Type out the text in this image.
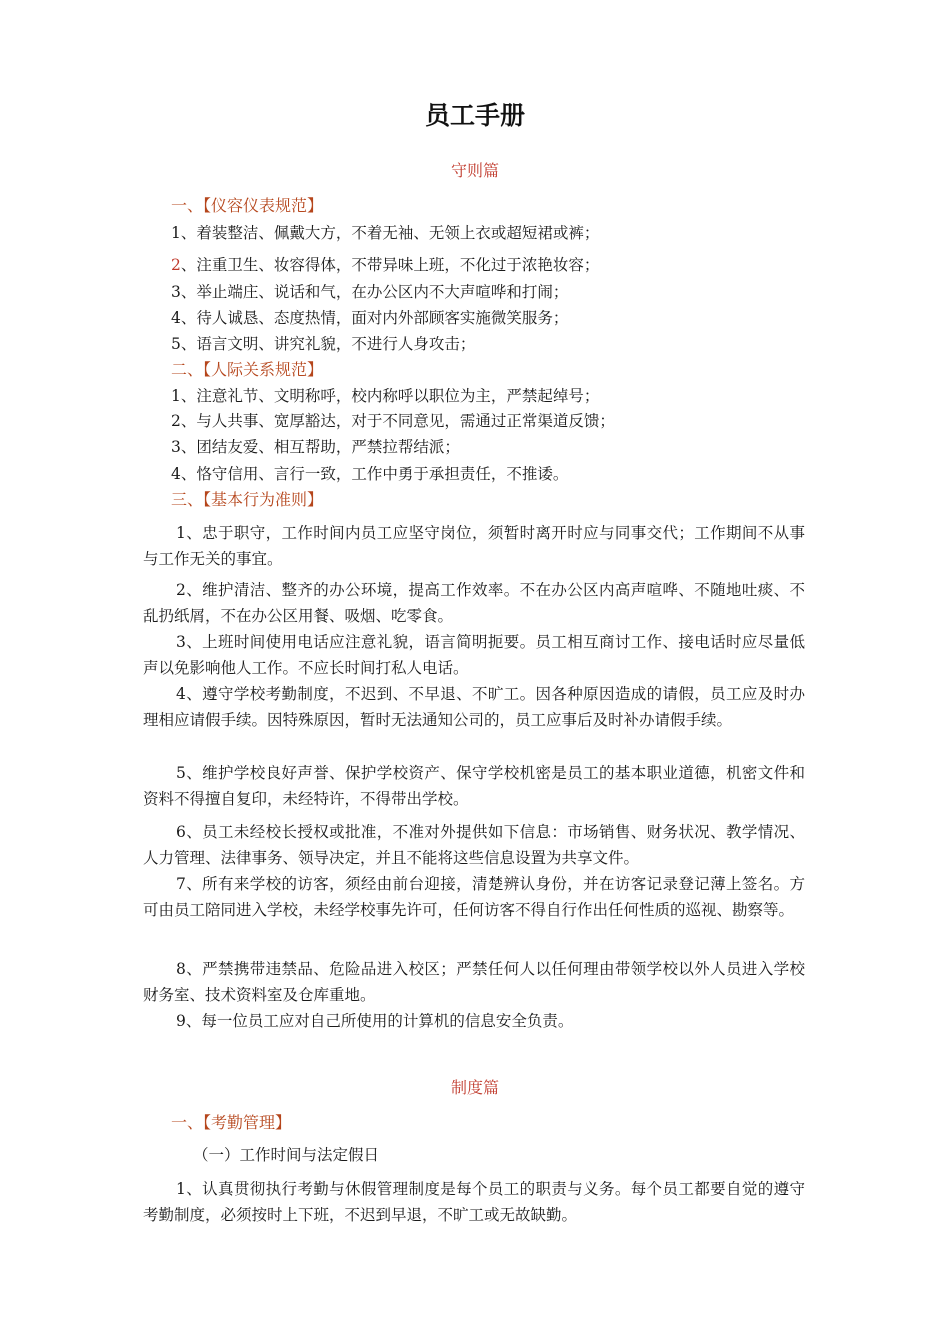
员工手册
守则篇
一、【仪容仪表规范】
1、着装整洁、佩戴大方，不着无袖、无领上衣或超短裙或裤；
2、注重卫生、妆容得体，不带异味上班，不化过于浓艳妆容；
3、举止端庄、说话和气，在办公区内不大声喧哗和打闹；
4、待人诚恳、态度热情，面对内外部顾客实施微笑服务；
5、语言文明、讲究礼貌，不进行人身攻击；
二、【人际关系规范】
1、注意礼节、文明称呼，校内称呼以职位为主，严禁起绰号；
2、与人共事、宽厚豁达，对于不同意见，需通过正常渠道反馈；
3、团结友爱、相互帮助，严禁拉帮结派；
4、恪守信用、言行一致，工作中勇于承担责任，不推诿。
三、【基本行为准则】
1、忠于职守，工作时间内员工应坚守岗位，须暂时离开时应与同事交代；工作期间不从事与工作无关的事宜。
2、维护清洁、整齐的办公环境，提高工作效率。不在办公区内高声喧哗、不随地吐痰、不乱扔纸屑，不在办公区用餐、吸烟、吃零食。
3、上班时间使用电话应注意礼貌，语言简明扼要。员工相互商讨工作、接电话时应尽量低声以免影响他人工作。不应长时间打私人电话。
4、遵守学校考勤制度，不迟到、不早退、不旷工。因各种原因造成的请假，员工应及时办理相应请假手续。因特殊原因，暂时无法通知公司的，员工应事后及时补办请假手续。
5、维护学校良好声誉、保护学校资产、保守学校机密是员工的基本职业道德，机密文件和资料不得擅自复印，未经特许，不得带出学校。
6、员工未经校长授权或批准，不准对外提供如下信息：市场销售、财务状况、教学情况、人力管理、法律事务、领导决定，并且不能将这些信息设置为共享文件。
7、所有来学校的访客，须经由前台迎接，清楚辨认身份，并在访客记录登记薄上签名。方可由员工陪同进入学校，未经学校事先许可，任何访客不得自行作出任何性质的巡视、勘察等。
8、严禁携带违禁品、危险品进入校区；严禁任何人以任何理由带领学校以外人员进入学校财务室、技术资料室及仓库重地。
9、每一位员工应对自己所使用的计算机的信息安全负责。
制度篇
一、【考勤管理】
（一）工作时间与法定假日
1、认真贯彻执行考勤与休假管理制度是每个员工的职责与义务。每个员工都要自觉的遵守考勤制度，必须按时上下班，不迟到早退，不旷工或无故缺勤。
